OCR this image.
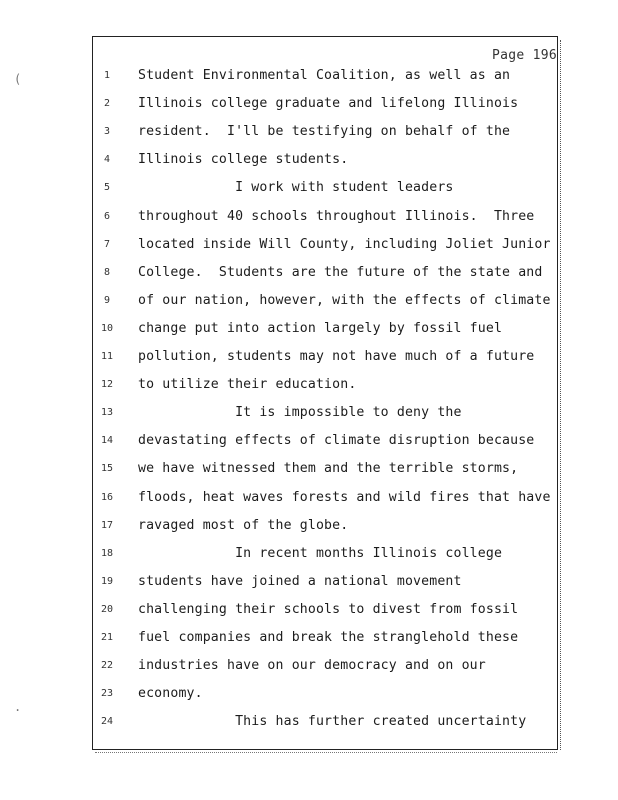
(
.
Page 196
1	Student Environmental Coalition, as well as an
2	Illinois college graduate and lifelong Illinois
3	resident.  I'll be testifying on behalf of the
4	Illinois college students.
5	I work with student leaders
6	throughout 40 schools throughout Illinois.  Three
7	located inside Will County, including Joliet Junior
8	College.  Students are the future of the state and
9	of our nation, however, with the effects of climate
10	change put into action largely by fossil fuel
11	pollution, students may not have much of a future
12	to utilize their education.
13	It is impossible to deny the
14	devastating effects of climate disruption because
15	we have witnessed them and the terrible storms,
16	floods, heat waves forests and wild fires that have
17	ravaged most of the globe.
18	In recent months Illinois college
19	students have joined a national movement
20	challenging their schools to divest from fossil
21	fuel companies and break the stranglehold these
22	industries have on our democracy and on our
23	economy.
24	This has further created uncertainty
